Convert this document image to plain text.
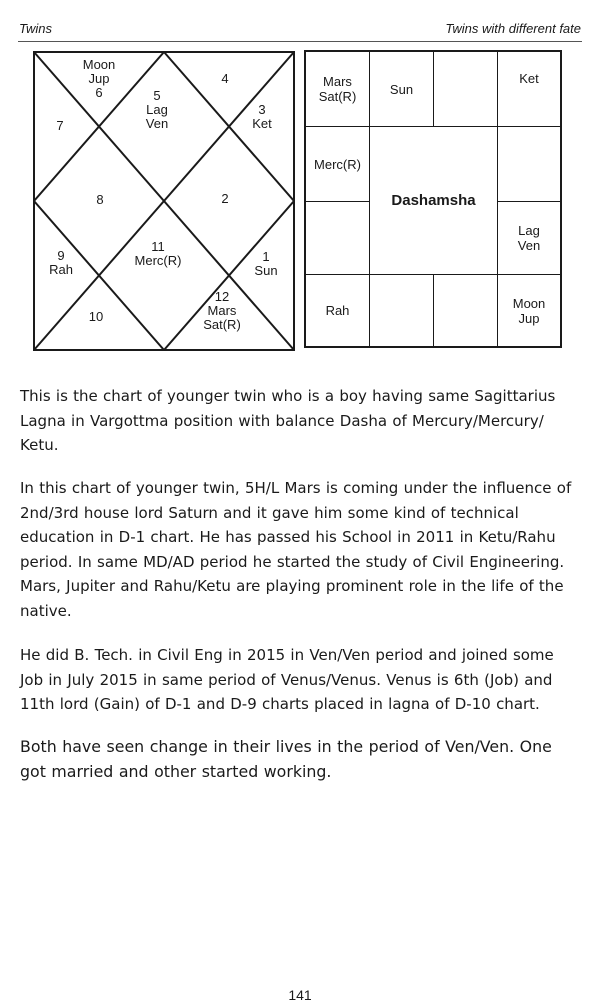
Twins	Twins with different fate
Moon
Jup
6	5
Lag
Ven
4
3
Ket
7
8	2
9
Rah
11
Merc(R)	1
Sun
10
12
Mars
Sat(R)
Mars
Sat(R)	Sun
Ket
Merc(R)
Dashamsha
Lag
Ven
Rah	Moon
Jup

This is the chart of younger twin who is a boy having same Sagittarius Lagna in Vargottma position with balance Dasha of Mercury/Mercury/ Ketu.

In this chart of younger twin, 5H/L Mars is coming under the influence of 2nd/3rd house lord Saturn and it gave him some kind of technical education in D-1 chart. He has passed his School in 2011 in Ketu/Rahu period. In same MD/AD period he started the study of Civil Engineering. Mars, Jupiter and Rahu/Ketu are playing prominent role in the life of the native.

He did B. Tech. in Civil Eng in 2015 in Ven/Ven period and joined some Job in July 2015 in same period of Venus/Venus. Venus is 6th (Job) and 11th lord (Gain) of D-1 and D-9 charts placed in lagna of D-10 chart.

Both have seen change in their lives in the period of Ven/Ven. One got married and other started working.

141
